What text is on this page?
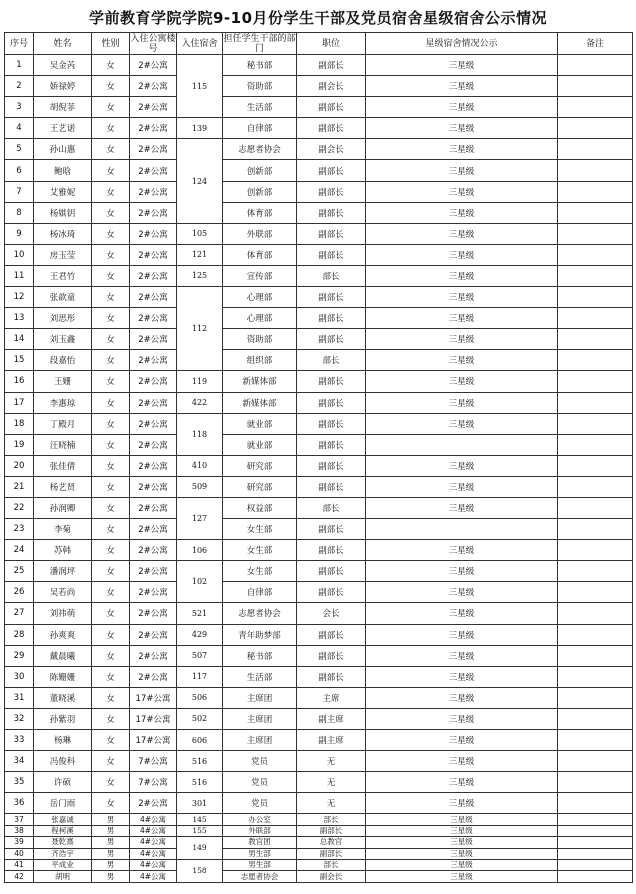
学前教育学院学院9-10月份学生干部及党员宿舍星级宿舍公示情况
序号	姓名	性别	入住公寓楼号	入住宿舍	担任学生干部的部门	职位	星级宿舍情况公示	备注
1	吴金芮	女	2#公寓	115	秘书部	副部长	三星级	
2	娇禄婷	女	2#公寓		资助部	副会长	三星级	
3	胡倪菲	女	2#公寓		生活部	副部长	三星级	
4	王艺诺	女	2#公寓	139	自律部	副部长	三星级	
5	孙山惠	女	2#公寓	124	志愿者协会	副会长	三星级	
6	鲍晗	女	2#公寓		创新部	副部长	三星级	
7	艾雅妮	女	2#公寓		创新部	副部长	三星级	
8	杨娸钥	女	2#公寓		体育部	副部长	三星级	
9	杨冰琦	女	2#公寓	105	外联部	副部长	三星级	
10	房玉莹	女	2#公寓	121	体育部	副部长	三星级	
11	王君竹	女	2#公寓	125	宣传部	部长	三星级	
12	张歆童	女	2#公寓	112	心理部	副部长	三星级	
13	刘思彤	女	2#公寓		心理部	副部长	三星级	
14	刘玉鑫	女	2#公寓		资助部	副部长	三星级	
15	段嘉怡	女	2#公寓		组织部	部长	三星级	
16	王姗	女	2#公寓	119	新媒体部	副部长	三星级	
17	李惠琼	女	2#公寓	422	新媒体部	副部长	三星级	
18	丁殿月	女	2#公寓	118	就业部	副部长	三星级	
19	汪晓楠	女	2#公寓		就业部	副部长		
20	张佳倩	女	2#公寓	410	研究部	副部长	三星级	
21	杨艺贤	女	2#公寓	509	研究部	副部长	三星级	
22	孙润卿	女	2#公寓	127	权益部	部长	三星级	
23	李菊	女	2#公寓		女生部	副部长		
24	苏韩	女	2#公寓	106	女生部	副部长	三星级	
25	潘润坪	女	2#公寓	102	女生部	副部长	三星级	
26	吴若尚	女	2#公寓		自律部	副部长	三星级	
27	刘祎萌	女	2#公寓	521	志愿者协会	会长	三星级	
28	孙爽爽	女	2#公寓	429	青年助梦部	副部长	三星级	
29	戴晨曦	女	2#公寓	507	秘书部	副部长	三星级	
30	陈姗姗	女	2#公寓	117	生活部	副部长	三星级	
31	董晓溪	女	17#公寓	506	主席团	主席	三星级	
32	孙紫羽	女	17#公寓	502	主席团	副主席	三星级	
33	杨琳	女	17#公寓	606	主席团	副主席	三星级	
34	冯俊科	女	7#公寓	516	党员	无	三星级	
35	许硕	女	7#公寓	516	党员	无	三星级	
36	岳门雨	女	2#公寓	301	党员	无	三星级	
37	张嘉诚	男	4#公寓	145	办公室	部长	三星级	
38	程柯溪	男	4#公寓	155	外联部	副部长	三星级	
39	聂乾熹	男	4#公寓	149	教官团	总教官	三星级	
40	齐浩宇	男	4#公寓		男生部	副部长	三星级	
41	平成业	男	4#公寓	158	男生部	部长	三星级	
42	胡明	男	4#公寓		志愿者协会	副会长	三星级	
